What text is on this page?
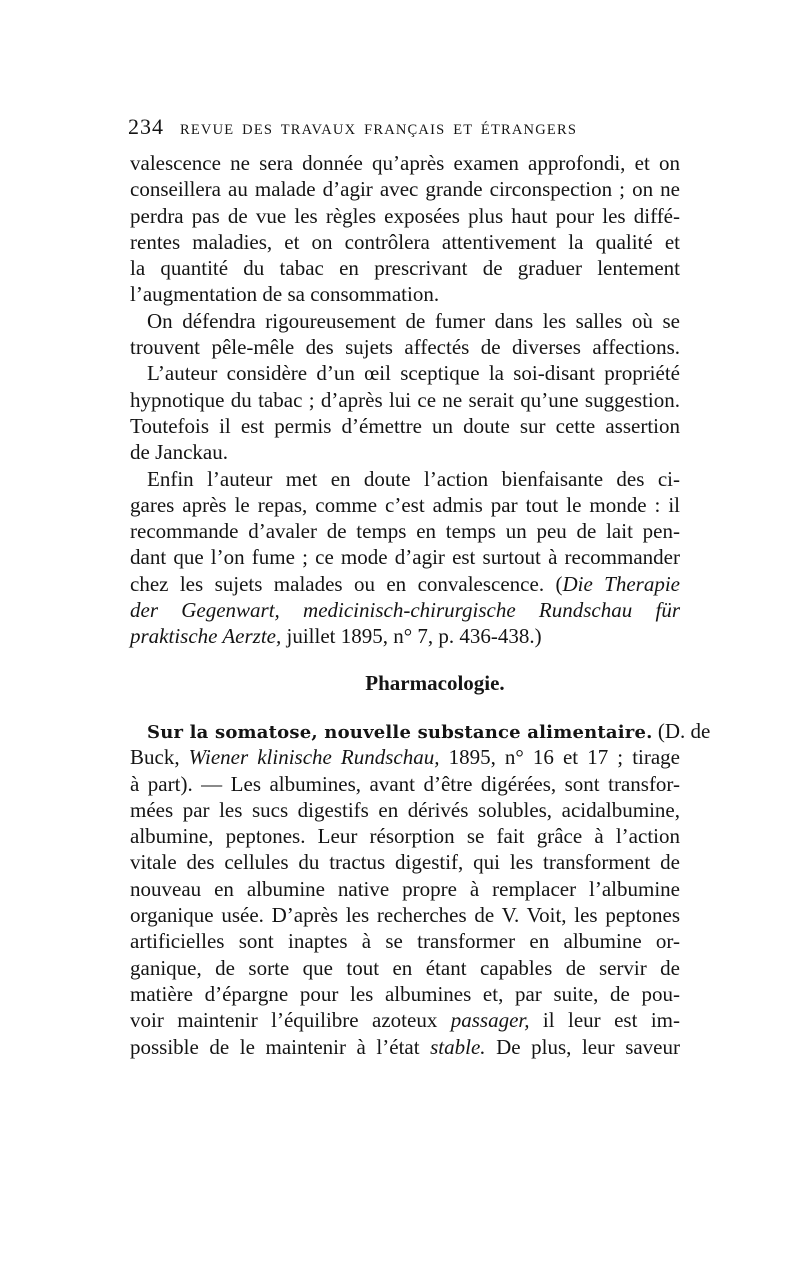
234	REVUE DES TRAVAUX FRANÇAIS ET ÉTRANGERS
valescence ne sera donnée qu’après examen approfondi, et on
conseillera au malade d’agir avec grande circonspection ; on ne
perdra pas de vue les règles exposées plus haut pour les diffé-
rentes maladies, et on contrôlera attentivement la qualité et
la quantité du tabac en prescrivant de graduer lentement
l’augmentation de sa consommation.
On défendra rigoureusement de fumer dans les salles où se
trouvent pêle-mêle des sujets affectés de diverses affections.
L’auteur considère d’un œil sceptique la soi-disant propriété
hypnotique du tabac ; d’après lui ce ne serait qu’une suggestion.
Toutefois il est permis d’émettre un doute sur cette assertion
de Janckau.
Enfin l’auteur met en doute l’action bienfaisante des ci-
gares après le repas, comme c’est admis par tout le monde : il
recommande d’avaler de temps en temps un peu de lait pen-
dant que l’on fume ; ce mode d’agir est surtout à recommander
chez les sujets malades ou en convalescence. (Die Therapie
der Gegenwart, medicinisch-chirurgische Rundschau für
praktische Aerzte, juillet 1895, n° 7, p. 436-438.)
Pharmacologie.
Sur la somatose, nouvelle substance alimentaire. (D. de
Buck, Wiener klinische Rundschau, 1895, n° 16 et 17 ; tirage
à part). — Les albumines, avant d’être digérées, sont transfor-
mées par les sucs digestifs en dérivés solubles, acidalbumine,
albumine, peptones. Leur résorption se fait grâce à l’action
vitale des cellules du tractus digestif, qui les transforment de
nouveau en albumine native propre à remplacer l’albumine
organique usée. D’après les recherches de V. Voit, les peptones
artificielles sont inaptes à se transformer en albumine or-
ganique, de sorte que tout en étant capables de servir de
matière d’épargne pour les albumines et, par suite, de pou-
voir maintenir l’équilibre azoteux passager, il leur est im-
possible de le maintenir à l’état stable. De plus, leur saveur
